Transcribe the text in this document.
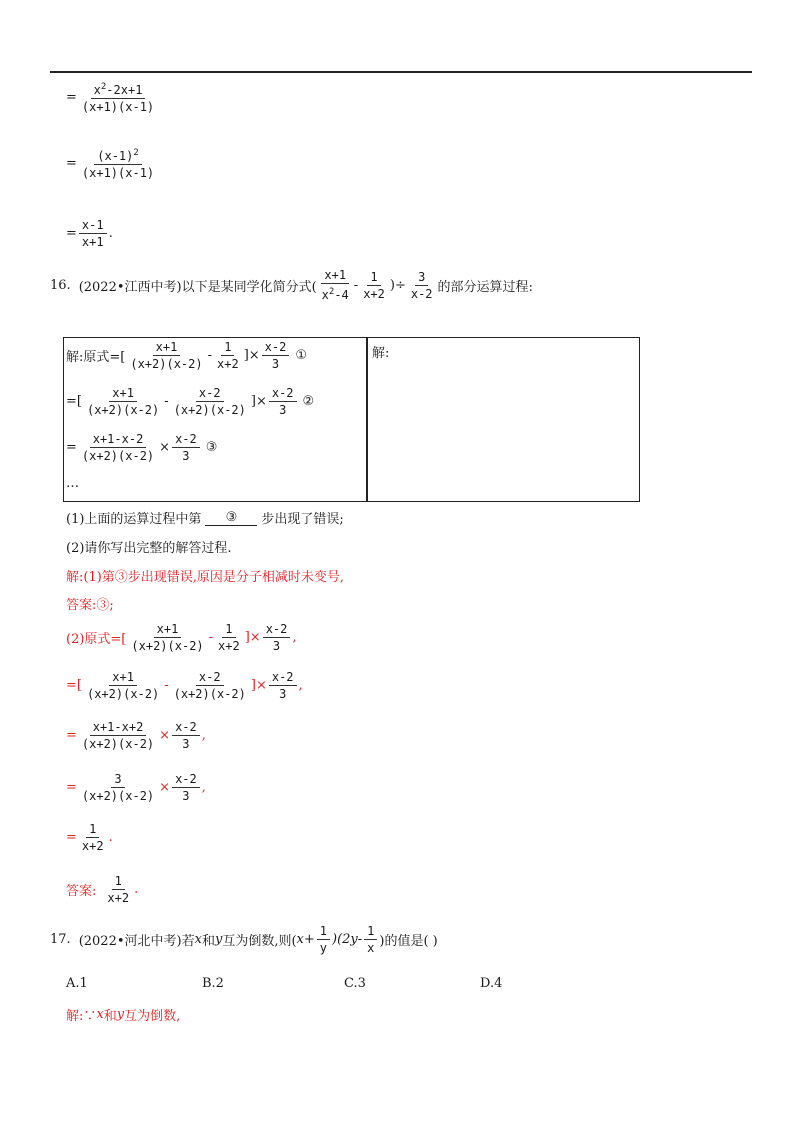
= $\frac{x^2-2x+1}{(x+1)(x-1)}$
= $\frac{(x-1)^2}{(x+1)(x-1)}$
= $\frac{x-1}{x+1}$ .
16. (2022•江西中考) 以下是某同学化简分式( $\frac{x+1}{x^2-4} - \frac{1}{x+2}$ )÷ $\frac{3}{x-2}$ 的部分运算过程:
解:原式=[ $\frac{x+1}{(x+2)(x-2)} - \frac{1}{x+2}$ ]× $\frac{x-2}{3}$ ①
=[ $\frac{x+1}{(x+2)(x-2)} - \frac{x-2}{(x+2)(x-2)}$ ]× $\frac{x-2}{3}$ ②
= $\frac{x+1-x-2}{(x+2)(x-2)} \times \frac{x-2}{3}$ ③
…
解:
(1)上面的运算过程中第	③	步出现了错误;
(2)请你写出完整的解答过程.
解:(1)第③步出现错误,原因是分子相减时未变号,
答案:③;
(2)原式=[ $\frac{x+1}{(x+2)(x-2)} - \frac{1}{x+2}$ ]× $\frac{x-2}{3}$ ,
=[ $\frac{x+1}{(x+2)(x-2)} - \frac{x-2}{(x+2)(x-2)}$ ]× $\frac{x-2}{3}$ ,
= $\frac{x+1-x+2}{(x+2)(x-2)} \times \frac{x-2}{3}$ ,
= $\frac{3}{(x+2)(x-2)} \times \frac{x-2}{3}$ ,
= $\frac{1}{x+2}$ .
答案: $\frac{1}{x+2}$ .
17. (2022•河北中考) 若 x 和 y 互为倒数,则( $x+ \frac{1}{y} )(2y- \frac{1}{x}$ )的值是( )
A.1	B.2	C.3	D.4
解:∵ x 和 y 互为倒数,
